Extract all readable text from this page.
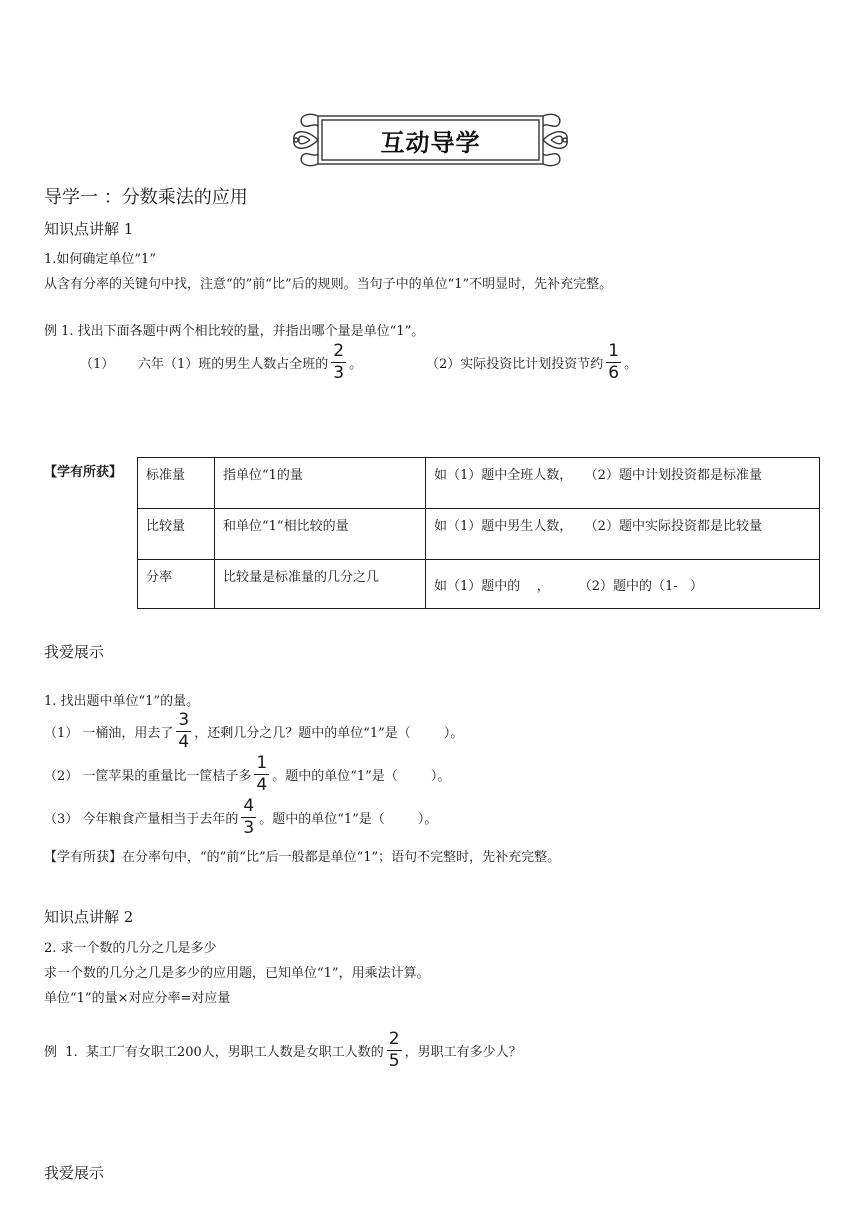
互动导学
导学一 ：分数乘法的应用
知识点讲解 1
1.如何确定单位”1”
从含有分率的关键句中找，注意“的”前“比”后的规则。当句子中的单位“1”不明显时，先补充完整。
例 1. 找出下面各题中两个相比较的量，并指出哪个量是单位“1”。
（1） 六年（1）班的男生人数占全班的 $\frac{2}{3}$ 。	（2）实际投资比计划投资节约 $\frac{1}{6}$ 。
【学有所获】 标准量	指单位“1的量	如（1）题中全班人数，   （2）题中计划投资都是标准量
比较量	和单位“1“相比较的量	如（1）题中男生人数，   （2）题中实际投资都是比较量
分率	比较量是标准量的几分之几	如（1）题中的    ，       （2）题中的（1-   ）
我爱展示
1. 找出题中单位“1”的量。
（1） 一桶油，用去了 $\frac{3}{4}$ ，还剩几分之几？题中的单位“1”是（        ）。
（2） 一筐苹果的重量比一筐桔子多 $\frac{1}{4}$ 。题中的单位“1”是（        ）。
（3） 今年粮食产量相当于去年的 $\frac{4}{3}$ 。题中的单位“1”是（        ）。
【学有所获】在分率句中，“的”前“比”后一般都是单位“1”；语句不完整时，先补充完整。
知识点讲解 2
2. 求一个数的几分之几是多少
求一个数的几分之几是多少的应用题，已知单位“1”，用乘法计算。
单位“1”的量×对应分率=对应量
例  1.  某工厂有女职工200人，男职工人数是女职工人数的 $\frac{2}{5}$ ，男职工有多少人？
我爱展示
